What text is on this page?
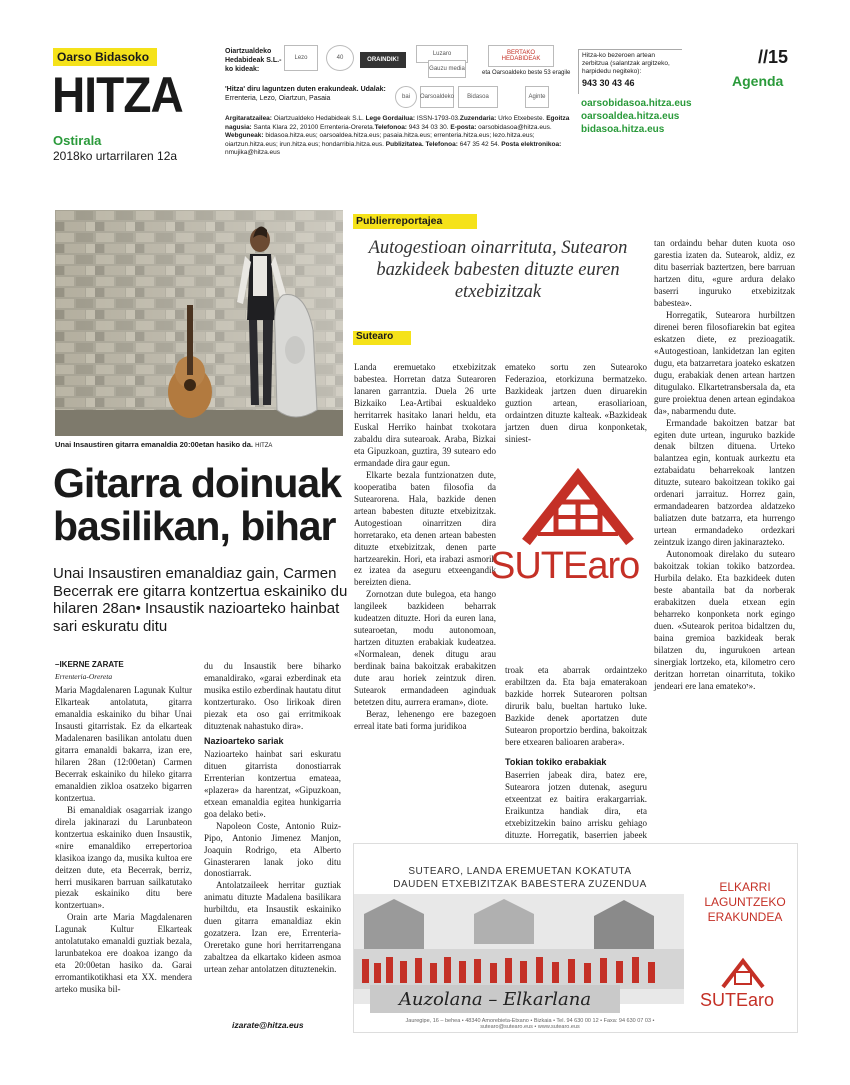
Oarso Bidasoko
HITZA
Ostirala
2018ko urtarrilaren 12a
Oiartzualdeko Hedabideak S.L.-ko kideak:
Lezo	40	ORAINDIK!
Luzaro	BERTAKO HEDABIDEAK
Gauzu media
eta Oarsoaldeko beste 53 eragile
'Hitza' diru laguntzen duten erakundeak. Udalak:
Errenteria, Lezo, Oiartzun, Pasaia	bai	Oarsoaldeko	Bidasoa	Aginte
Argitaratzailea: Oiartzualdeko Hedabideak S.L. Lege Gordailua: ISSN-1793-03.Zuzendaria: Urko Etxebeste. Egoitza nagusia: Santa Klara 22, 20100 Errenteria-Orereta.Telefonoa: 943 34 03 30. E-posta: oarsobidasoa@hitza.eus. Webguneak: bidasoa.hitza.eus; oarsoaldea.hitza.eus; pasaia.hitza.eus; errenteria.hitza.eus; lezo.hitza.eus; oiartzun.hitza.eus; irun.hitza.eus; hondarribia.hitza.eus. Publizitatea. Telefonoa: 647 35 42 54. Posta elektronikoa: nmujika@hitza.eus
Hitza-ko bezeroen artean zerbitzua (salantzak argitzeko, harpidedu negiteko):
943 30 43 46
oarsobidasoa.hitza.eus
oarsoaldea.hitza.eus
bidasoa.hitza.eus
//15
Agenda
Unai Insaustiren gitarra emanaldia 20:00etan hasiko da. HITZA
Gitarra doinuak basilikan, bihar
Unai Insaustiren emanaldiaz gain, Carmen Becerrak ere gitarra kontzertua eskainiko du hilaren 28an• Insaustik nazioarteko hainbat sari eskuratu ditu
–IKERNE ZARATE
Errenteria-Orereta

Maria Magdalenaren Lagunak Kultur Elkarteak antolatuta, gitarra emanaldia eskainiko du bihar Unai Insausti gitarristak. Ez da elkarteak Madalenaren basilikan antolatu duen gitarra emanaldi bakarra, izan ere, hilaren 28an (12:00etan) Carmen Becerrak eskainiko du hileko gitarra emanaldien zikloa osatzeko bigarren kontzertua.

Bi emanaldiak osagarriak izango direla jakinarazi du Larunbateon kontzertua eskainiko duen Insaustik, «nire emanaldiko errepertorioa klasikoa izango da, musika kultoa ere deitzen dute, eta Becerrak, berriz, herri musikaren barruan sailkatutako piezak eskainiko ditu bere kontzertuan».

Orain arte Maria Magdalenaren Lagunak Kultur Elkarteak antolatutako emanaldi guztiak bezala, larunbatekoa ere doakoa izango da eta 20:00etan hasiko da. Garai erromantikotikhasi eta XX. mendera arteko musika bil-

du du Insaustik bere biharko emanaldirako, «garai ezberdinak eta musika estilo ezberdinak hautatu ditut kontzerturako. Oso lirikoak diren piezak eta oso gai erritmikoak dituztenak nahastuko dira».

Nazioarteko sariak

Nazioarteko hainbat sari eskuratu dituen gitarrista donostiarrak Errenterian kontzertua emateaa, «plazera» da harentzat, «Gipuzkoan, etxean emanaldia egitea hunkigarria goa delako beti».

Napoleon Coste, Antonio Ruiz-Pipo, Antonio Jimenez Manjon, Joaquin Rodrigo, eta Alberto Ginasteraren lanak joko ditu donostiarrak.

Antolatzaileek herritar guztiak animatu dituzte Madalena basilikara hurbiltdu, eta Insaustik eskainiko duen gitarra emanaldiaz ekin gozatzera. Izan ere, Errenteria-Oreretako gune hori herritarrengana zabaltzea da elkartako kideen asmoa urtean zehar antolatzen dituztenekin.

izarate@hitza.eus
Publierreportajea
Autogestioan oinarrituta, Sutearon bazkideek babesten dituzte euren etxebizitzak
Sutearo

Landa eremuetako etxebizitzak babestea. Horretan datza Sutearoren lanaren garrantzia. Duela 26 urte Bizkaiko Lea-Artibai eskualdeko herritarrek hasitako lanari heldu, eta Euskal Herriko hainbat txokotara zabaldu dira sutearoak. Araba, Bizkai eta Gipuzkoan, guztira, 39 sutearo edo ermandade dira gaur egun.

Elkarte bezala funtzionatzen dute, kooperatiba baten filosofia da Sutearorena. Hala, bazkide denen artean babesten dituzte etxebizitzak. Autogestioan oinarritzen dira horretarako, eta denen artean babesten dituzte etxebizitzak, denen parte hartzearekin. Hori, eta irabazi asmorik ez izatea da aseguru etxeengandik bereizten diena.

Zornotzan dute bulegoa, eta hango langileek bazkideen beharrak kudeatzen dituzte. Hori da euren lana, sutearoetan, modu autonomoan, hartzen dituzten erabakiak kudeatzea. «Normalean, denek ditugu arau berdinak baina bakoitzak erabakitzen dute arau horiek zeintzuk diren. Sutearok ermandadeen aginduak betetzen ditu, aurrera eraman», diote.

Beraz, lehenengo ere bazegoen erreal itate bati forma juridikoa

emateko sortu zen Sutearoko Federazioa, etorkizuna bermatzeko. Bazkideak jartzen duen diruarekin guztion artean, erasoliarioan, ordaintzen dituzte kalteak. «Bazkideak jartzen duen dirua konponketak, siniest-

SUTEaro

troak eta abarrak ordaintzeko erabiltzen da. Eta baja ematerakoan bazkide horrek Sutearoren poltsan dirurik balu, bueltan hartuko luke. Bazkide denek aportatzen dute Sutearon proportzio berdina, bakoitzak bere etxearen balioaren arabera».

Tokian tokiko erabakiak

Baserrien jabeak dira, batez ere, Sutearora jotzen dutenak, aseguru etxeentzat ez baitira erakargarriak. Eraikuntza handiak dira, eta etxebizitzekin baino arrisku gehiago dituzte. Horregatik, baserrien jabeek

tan ordaindu behar duten kuota oso garestia izaten da. Sutearok, aldiz, ez ditu baserriak baztertzen, bere barruan hartzen ditu, «gure ardura delako baserri inguruko etxebizitzak babestea».

Horregatik, Sutearora hurbiltzen direnei beren filosofiarekin bat egitea eskatzen diete, ez prezioagatik. «Autogestioan, lankidetzan lan egiten dugu, eta batzarretara joateko eskatzen dugu, erabakiak denen artean hartzen ditugulako. Elkartetransbersala da, eta gure proiektua denen artean egindakoa da», nabarmendu dute.

Ermandade bakoitzen batzar bat egiten dute urtean, inguruko bazkide denak biltzen dituena. Urteko balantzea egin, kontuak aurkeztu eta eztabaidatu beharrekoak lantzen dituzte, sutearo bakoitzean tokiko gai ordenari jarraituz. Horrez gain, ermandadearen batzordea aldatzeko baliatzen dute batzarra, eta hurrengo urtean ermandadeko ordezkari zeintzuk izango diren jakinarazteko.

Autonomoak direlako du sutearo bakoitzak tokian tokiko batzordea. Hurbila delako. Eta bazkideek duten beste abantaila bat da norberak erabakitzen duela etxean egin beharreko konponketa nork egingo duen. «Sutearok peritoa bidaltzen du, baina gremioa bazkideak berak bilatzen du, ingurukoen artean sinergiak lortzeko, eta, kilometro cero deritzan horretan oinarrituta, tokiko jendeari ere lana ematekoי».

SUTEARO, LANDA EREMUETAN KOKATUTA DAUDEN ETXEBIZITZAK BABESTERA ZUZENDUA
Auzolana – Elkarlana
ELKARRI LAGUNTZEKO ERAKUNDEA
SUTEaro
Jauregipe, 16 – behea • 48340 Amorebieta-Etxano • Bizkaia • Tel. 94 630 00 12 • Faxa: 94 630 07 03 • sutearo@sutearo.eus • www.sutearo.eus
